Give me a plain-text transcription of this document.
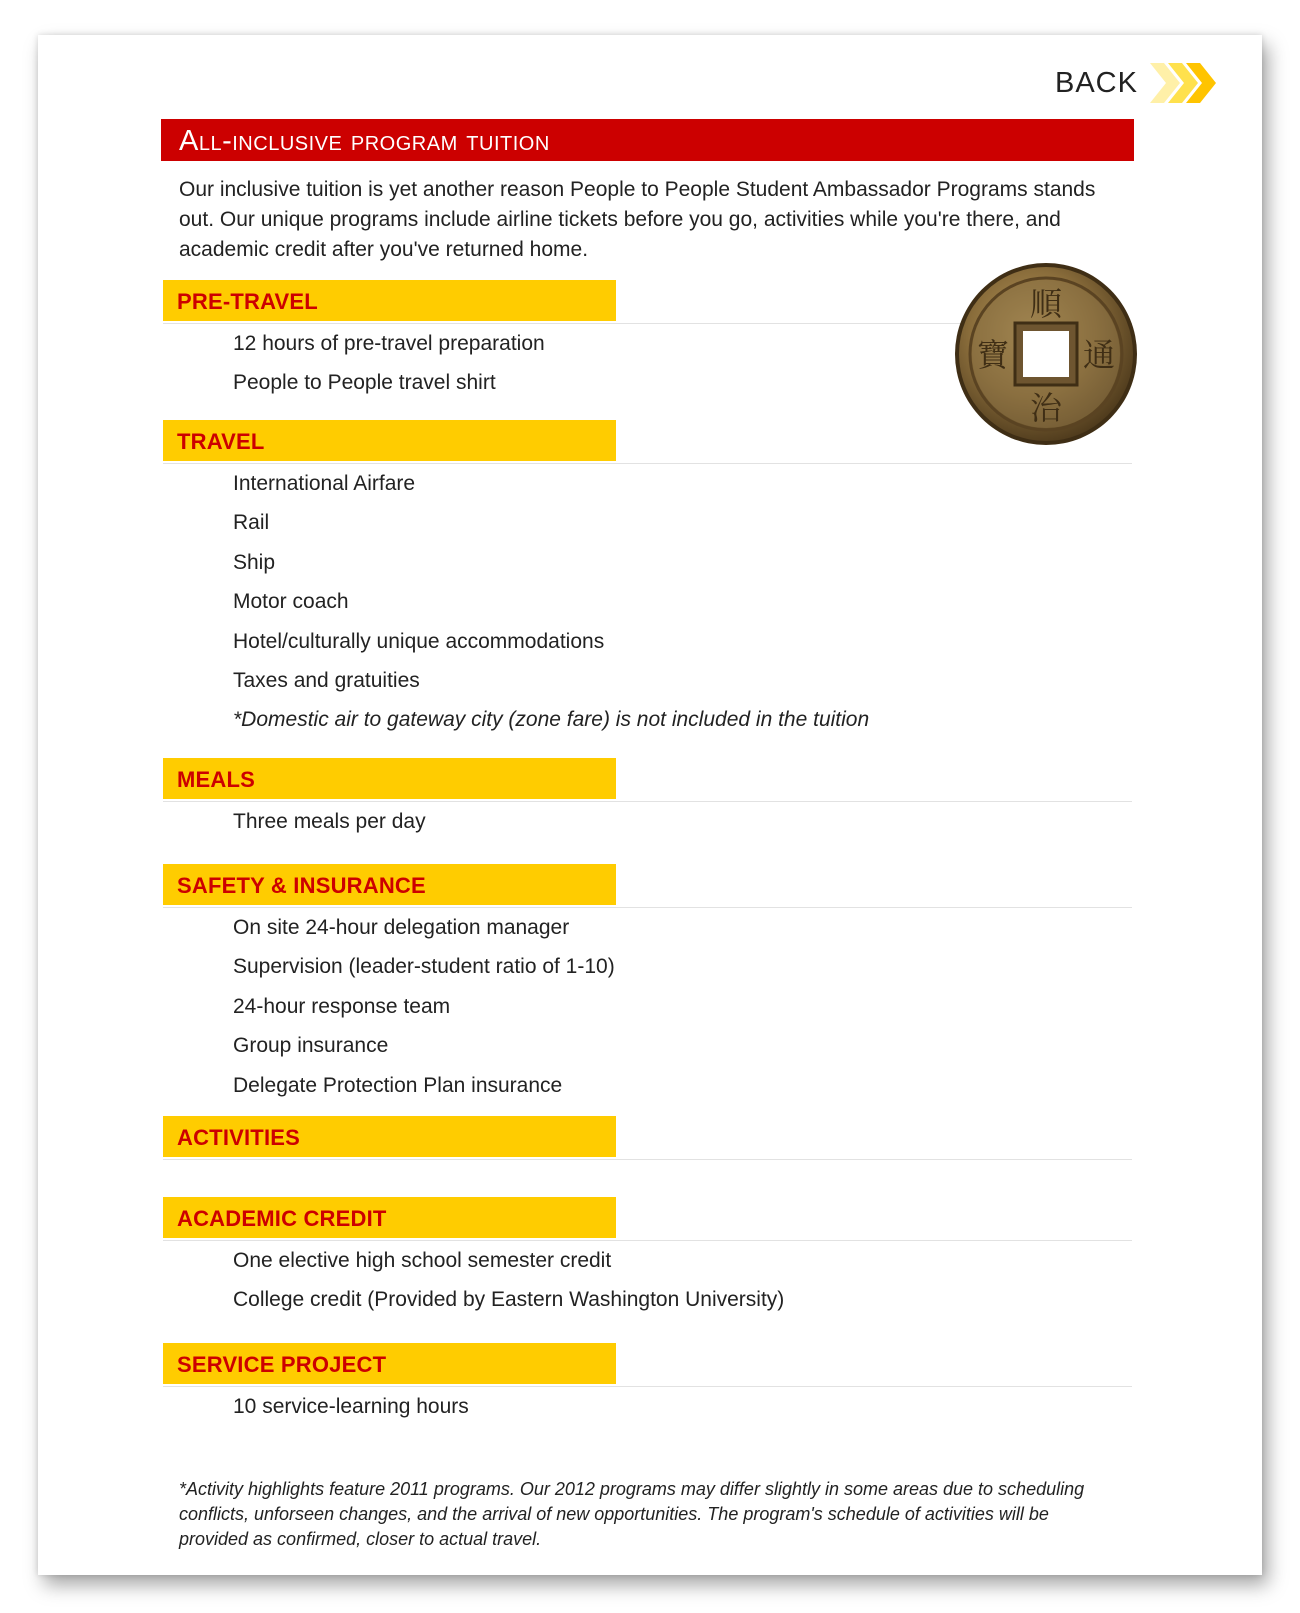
BACK
All-inclusive program tuition
Our inclusive tuition is yet another reason People to People Student Ambassador Programs stands out. Our unique programs include airline tickets before you go, activities while you're there, and academic credit after you've returned home.
PRE-TRAVEL
12 hours of pre-travel preparation
People to People travel shirt
TRAVEL
International Airfare
Rail
Ship
Motor coach
Hotel/culturally unique accommodations
Taxes and gratuities
*Domestic air to gateway city (zone fare) is not included in the tuition
MEALS
Three meals per day
SAFETY & INSURANCE
On site 24-hour delegation manager
Supervision (leader-student ratio of 1-10)
24-hour response team
Group insurance
Delegate Protection Plan insurance
ACTIVITIES
ACADEMIC CREDIT
One elective high school semester credit
College credit (Provided by Eastern Washington University)
SERVICE PROJECT
10 service-learning hours
順
通
治
寶
*Activity highlights feature 2011 programs. Our 2012 programs may differ slightly in some areas due to scheduling conflicts, unforseen changes, and the arrival of new opportunities. The program's schedule of activities will be provided as confirmed, closer to actual travel.
